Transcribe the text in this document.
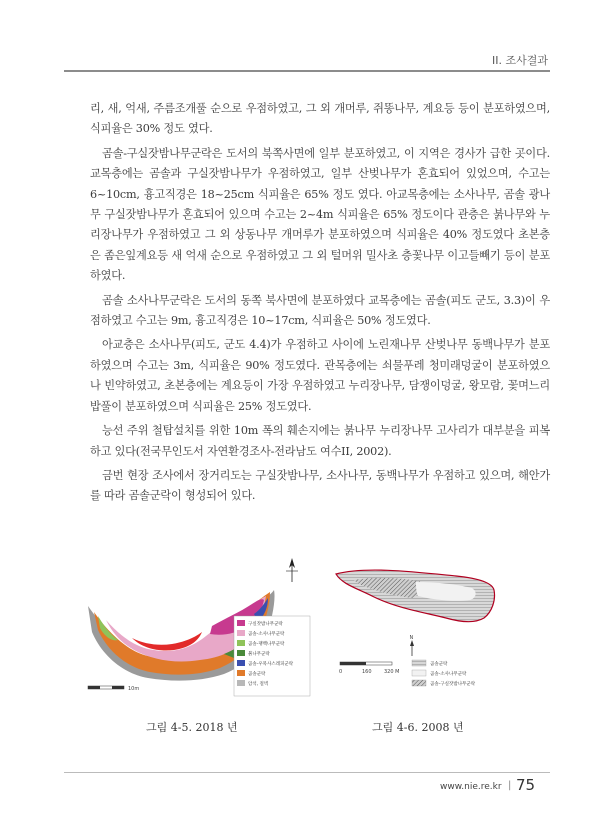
II. 조사결과

리, 새, 억새, 주름조개풀 순으로 우점하였고, 그 외 개머루, 쥐똥나무, 계요등 등이 분포하였으며, 식피율은 30% 정도 였다.

곰솔-구실잣밤나무군락은 도서의 북쪽사면에 일부 분포하였고, 이 지역은 경사가 급한 곳이다. 교목층에는 곰솔과 구실잣밤나무가 우점하였고, 일부 산벚나무가 혼효되어 있었으며, 수고는 6~10cm, 흉고직경은 18~25cm 식피율은 65% 정도 였다. 아교목층에는 소사나무, 곰솔 광나무 구실잣밤나무가 혼효되어 있으며 수고는 2~4m 식피율은 65% 정도이다 관층은 붉나무와 누리장나무가 우점하였고 그 외 상동나무 개머루가 분포하였으며 식피율은 40% 정도였다 초본층은 좀은잎계요등 새 억새 순으로 우점하였고 그 외 털머위 밀사초 층꽃나무 이고들빼기 등이 분포하였다.

곰솔 소사나무군락은 도서의 동쪽 북사면에 분포하였다 교목층에는 곰솔(피도 군도, 3.3)이 우점하였고 수고는 9m, 흉고직경은 10~17cm, 식피율은 50% 정도였다.

아교층은 소사나무(피도, 군도 4.4)가 우점하고 사이에 노린재나무 산벚나무 동백나무가 분포하였으며 수고는 3m, 식피율은 90% 정도였다. 관목층에는 쇠물푸레 청미래덩굴이 분포하였으나 빈약하였고, 초본층에는 계요등이 가장 우점하였고 누리장나무, 담쟁이덩굴, 왕모람, 꽃며느리밥풀이 분포하였으며 식피율은 25% 정도였다.

능선 주위 철탑설치를 위한 10m 폭의 훼손지에는 붉나무 누리장나무 고사리가 대부분을 피복하고 있다(전국무인도서 자연환경조사-전라남도 여수II, 2002).

금번 현장 조사에서 장거리도는 구실잣밤나무, 소사나무, 동백나무가 우점하고 있으며, 해안가를 따라 곰솔군락이 형성되어 있다.

10m
구실잣밤나무군락
곰솔-소사나무군락
곰솔-팽백나무군락
붉나무군락
곰솔-우묵사스레피군락
곰솔군락
암석, 절벽
N
0	160 320 M
곰솔군락
곰솔-소사나무군락
곰솔-구실잣밤나무군락
그림 4-5. 2018 년	그림 4-6. 2008 년
www.nie.re.kr | 75
